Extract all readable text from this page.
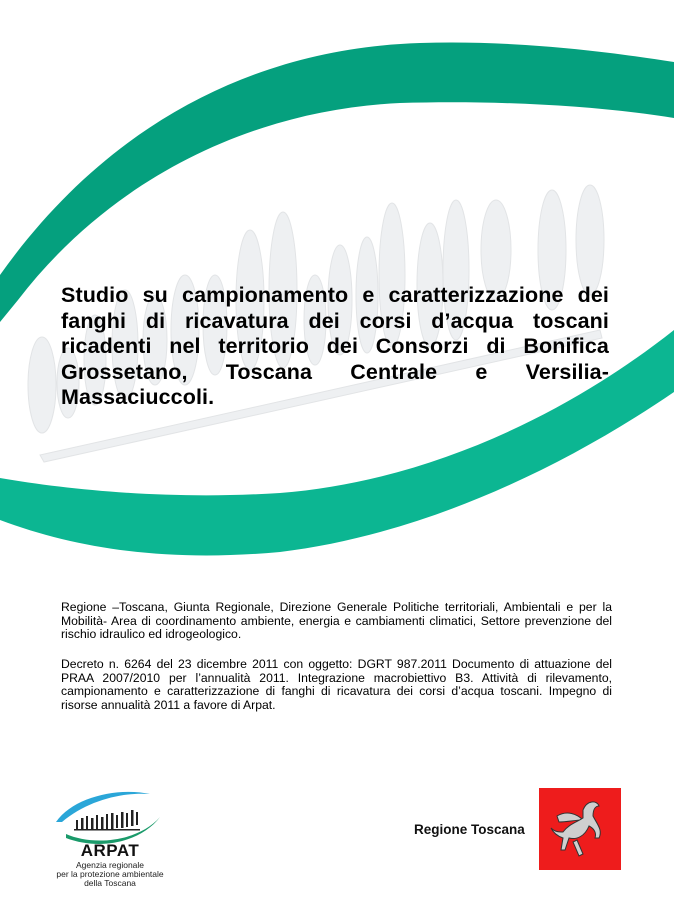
Studio su campionamento e caratterizzazione dei fanghi di ricavatura dei corsi d’acqua toscani ricadenti nel territorio dei Consorzi di Bonifica Grossetano, Toscana Centrale e Versilia-Massaciuccoli.
Regione –Toscana, Giunta Regionale, Direzione Generale Politiche territoriali, Ambientali e per la Mobilità- Area di coordinamento ambiente, energia e cambiamenti climatici, Settore prevenzione del rischio idraulico ed idrogeologico.
Decreto n. 6264 del 23 dicembre 2011 con oggetto: DGRT 987.2011 Documento di attuazione del PRAA 2007/2010 per l’annualità 2011. Integrazione macrobiettivo B3. Attività di rilevamento, campionamento e caratterizzazione di fanghi di ricavatura dei corsi d’acqua toscani. Impegno di risorse annualità 2011 a favore di Arpat.
ARPAT
Agenzia regionale
per la protezione ambientale
della Toscana
Regione Toscana
